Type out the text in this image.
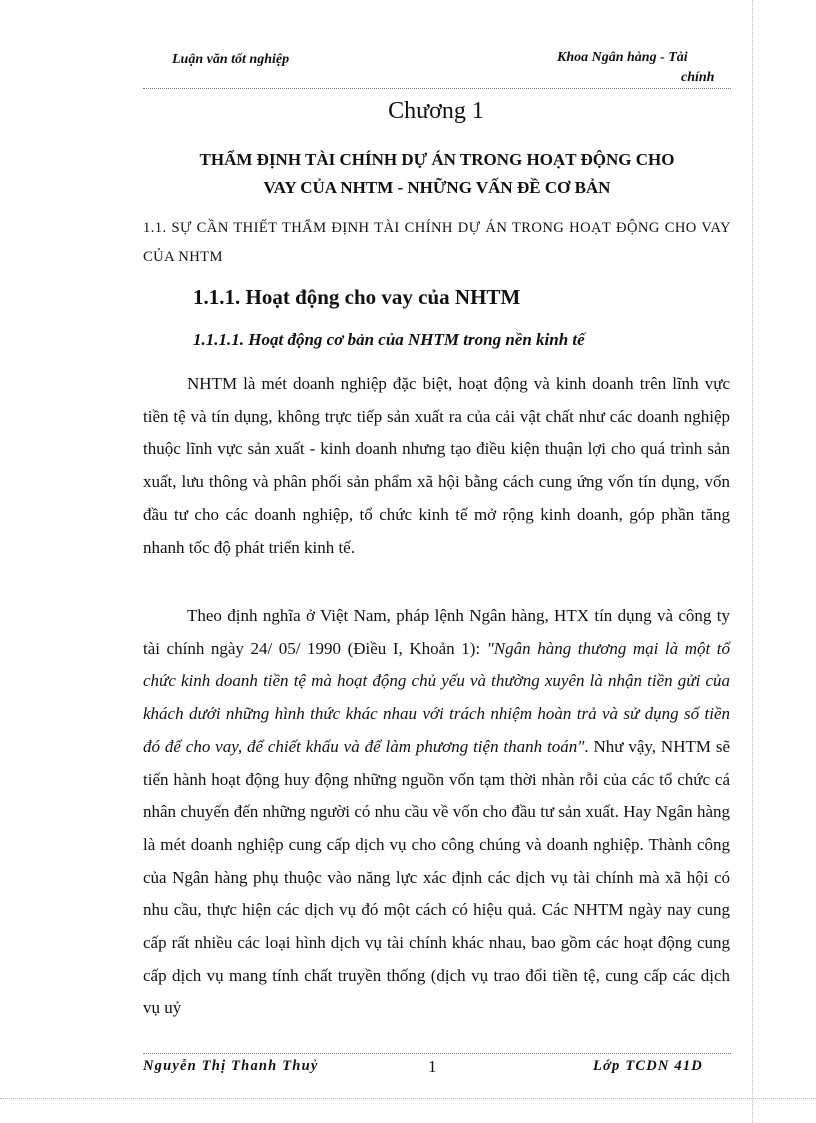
Luận văn tốt nghiệp	Khoa Ngân hàng - Tài
chính
Chương 1
THẨM ĐỊNH TÀI CHÍNH DỰ ÁN TRONG HOẠT ĐỘNG CHO
VAY CỦA NHTM - NHỮNG VẤN ĐỀ CƠ BẢN
1.1. SỰ CẦN THIẾT THẨM ĐỊNH TÀI CHÍNH DỰ ÁN TRONG HOẠT ĐỘNG CHO VAY CỦA NHTM
1.1.1. Hoạt động cho vay của NHTM
1.1.1.1. Hoạt động cơ bản của NHTM trong nền kinh tế
NHTM là mét doanh nghiệp đặc biệt, hoạt động và kinh doanh trên lĩnh vực tiền tệ và tín dụng, không trực tiếp sản xuất ra của cải vật chất như các doanh nghiệp thuộc lĩnh vực sản xuất - kinh doanh nhưng tạo điều kiện thuận lợi cho quá trình sản xuất, lưu thông và phân phối sản phẩm xã hội bằng cách cung ứng vốn tín dụng, vốn đầu tư cho các doanh nghiệp, tổ chức kinh tế mở rộng kinh doanh, góp phần tăng nhanh tốc độ phát triển kinh tế.
Theo định nghĩa ở Việt Nam, pháp lệnh Ngân hàng, HTX tín dụng và công ty tài chính ngày 24/ 05/ 1990 (Điều I, Khoản 1): "Ngân hàng thương mại là một tổ chức kinh doanh tiền tệ mà hoạt động chủ yếu và thường xuyên là nhận tiền gửi của khách dưới những hình thức khác nhau với trách nhiệm hoàn trả và sử dụng số tiền đó để cho vay, để chiết khấu và để làm phương tiện thanh toán". Như vậy, NHTM sẽ tiến hành hoạt động huy động những nguồn vốn tạm thời nhàn rỗi của các tổ chức cá nhân chuyển đến những người có nhu cầu về vốn cho đầu tư sản xuất. Hay Ngân hàng là mét doanh nghiệp cung cấp dịch vụ cho công chúng và doanh nghiệp. Thành công của Ngân hàng phụ thuộc vào năng lực xác định các dịch vụ tài chính mà xã hội có nhu cầu, thực hiện các dịch vụ đó một cách có hiệu quả. Các NHTM ngày nay cung cấp rất nhiều các loại hình dịch vụ tài chính khác nhau, bao gồm các hoạt động cung cấp dịch vụ mang tính chất truyền thống (dịch vụ trao đổi tiền tệ, cung cấp các dịch vụ uỷ
Nguyễn Thị Thanh Thuỷ	1	Lớp TCDN 41D
